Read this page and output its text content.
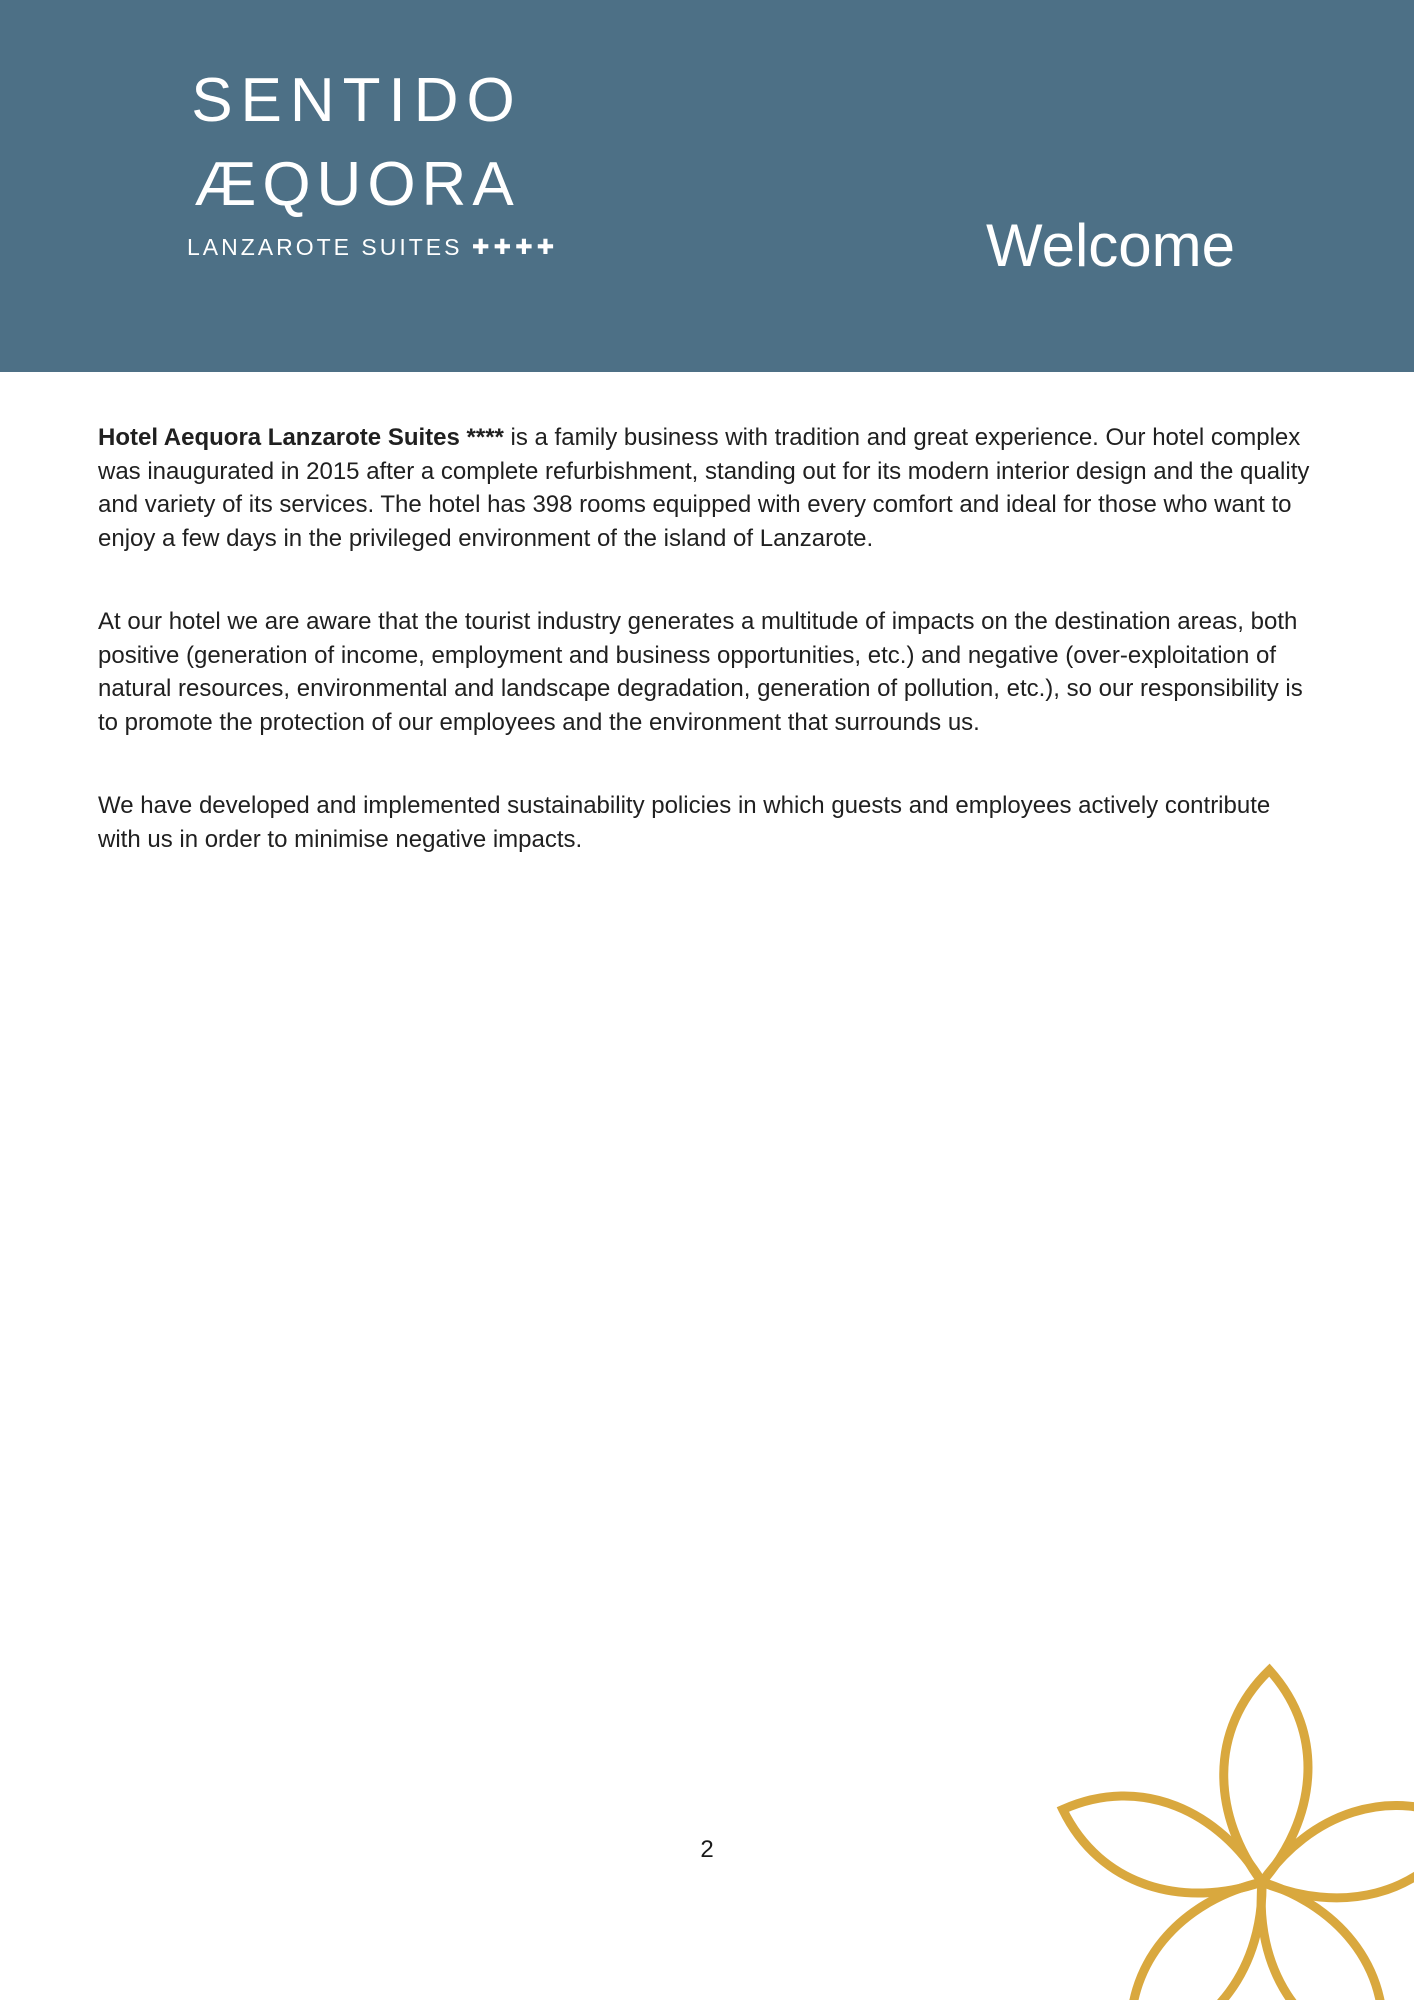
SENTIDO
ÆQUORA
LANZAROTE SUITES ✚✚✚✚	Welcome

Hotel Aequora Lanzarote Suites **** is a family business with tradition and great experience. Our hotel complex was inaugurated in 2015 after a complete refurbishment, standing out for its modern interior design and the quality and variety of its services. The hotel has 398 rooms equipped with every comfort and ideal for those who want to enjoy a few days in the privileged environment of the island of Lanzarote.

At our hotel we are aware that the tourist industry generates a multitude of impacts on the destination areas, both positive (generation of income, employment and business opportunities, etc.) and negative (over-exploitation of natural resources, environmental and landscape degradation, generation of pollution, etc.), so our responsibility is to promote the protection of our employees and the environment that surrounds us.

We have developed and implemented sustainability policies in which guests and employees actively contribute with us in order to minimise negative impacts.

2
